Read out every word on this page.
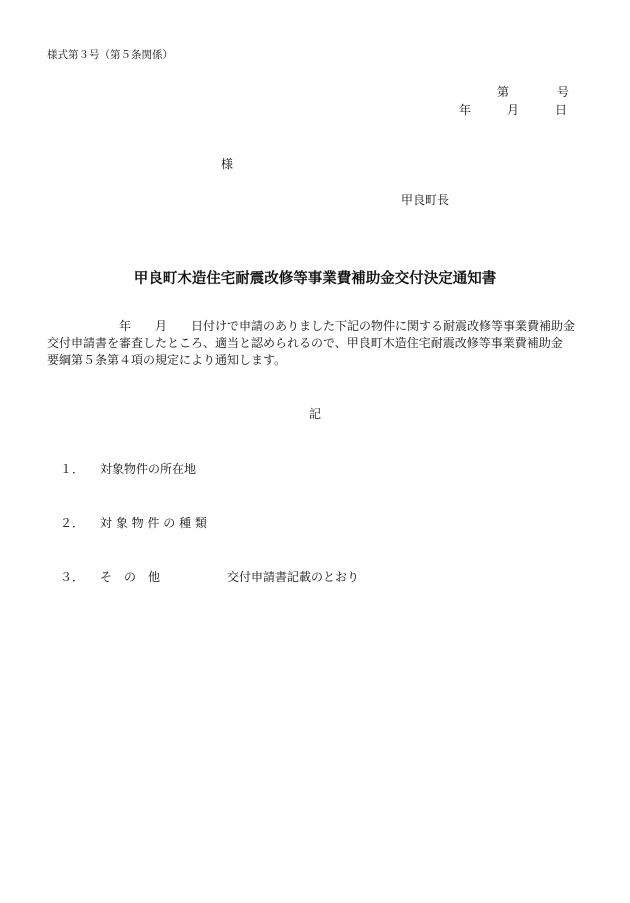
様式第３号（第５条関係）
第　　　　号
年　　　月　　　日
様
甲良町長
甲良町木造住宅耐震改修等事業費補助金交付決定通知書
　　　　　　年　　月　　日付けで申請のありました下記の物件に関する耐震改修等事業費補助金
交付申請書を審査したところ、適当と認められるので、甲良町木造住宅耐震改修等事業費補助金
要綱第５条第４項の規定により通知します。
記
１． 対象物件の所在地
２． 対 象 物 件 の 種 類
３． そ　の　他	交付申請書記載のとおり
